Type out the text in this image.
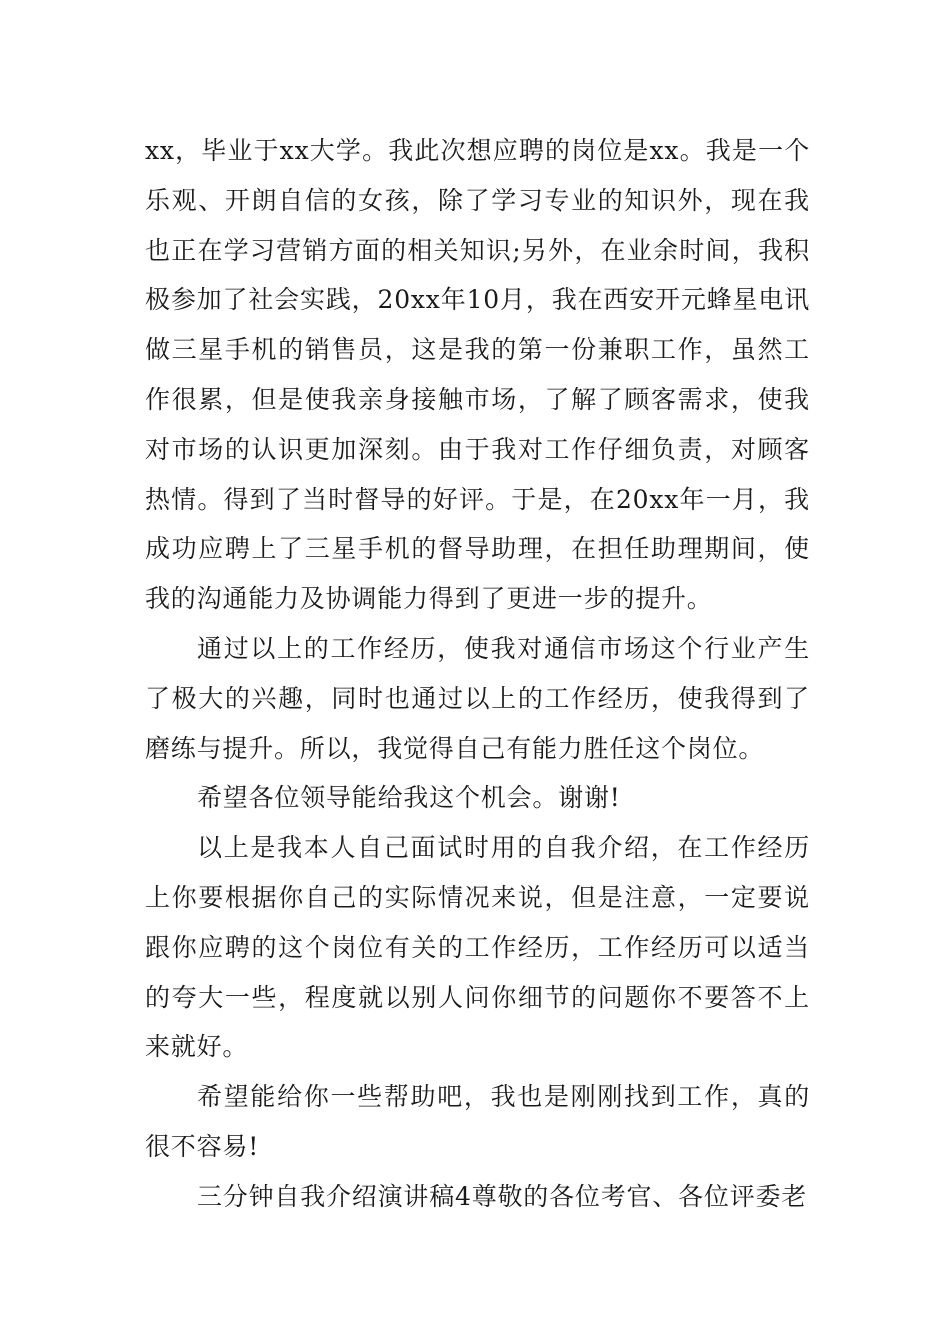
xx，毕业于xx大学。我此次想应聘的岗位是xx。我是一个乐观、开朗自信的女孩，除了学习专业的知识外，现在我也正在学习营销方面的相关知识;另外，在业余时间，我积极参加了社会实践，20xx年10月，我在西安开元蜂星电讯做三星手机的销售员，这是我的第一份兼职工作，虽然工作很累，但是使我亲身接触市场，了解了顾客需求，使我对市场的认识更加深刻。由于我对工作仔细负责，对顾客热情。得到了当时督导的好评。于是，在20xx年一月，我成功应聘上了三星手机的督导助理，在担任助理期间，使我的沟通能力及协调能力得到了更进一步的提升。

通过以上的工作经历，使我对通信市场这个行业产生了极大的兴趣，同时也通过以上的工作经历，使我得到了磨练与提升。所以，我觉得自己有能力胜任这个岗位。

希望各位领导能给我这个机会。谢谢!

以上是我本人自己面试时用的自我介绍，在工作经历上你要根据你自己的实际情况来说，但是注意，一定要说跟你应聘的这个岗位有关的工作经历，工作经历可以适当的夸大一些，程度就以别人问你细节的问题你不要答不上来就好。

希望能给你一些帮助吧，我也是刚刚找到工作，真的很不容易!

三分钟自我介绍演讲稿4尊敬的各位考官、各位评委老
